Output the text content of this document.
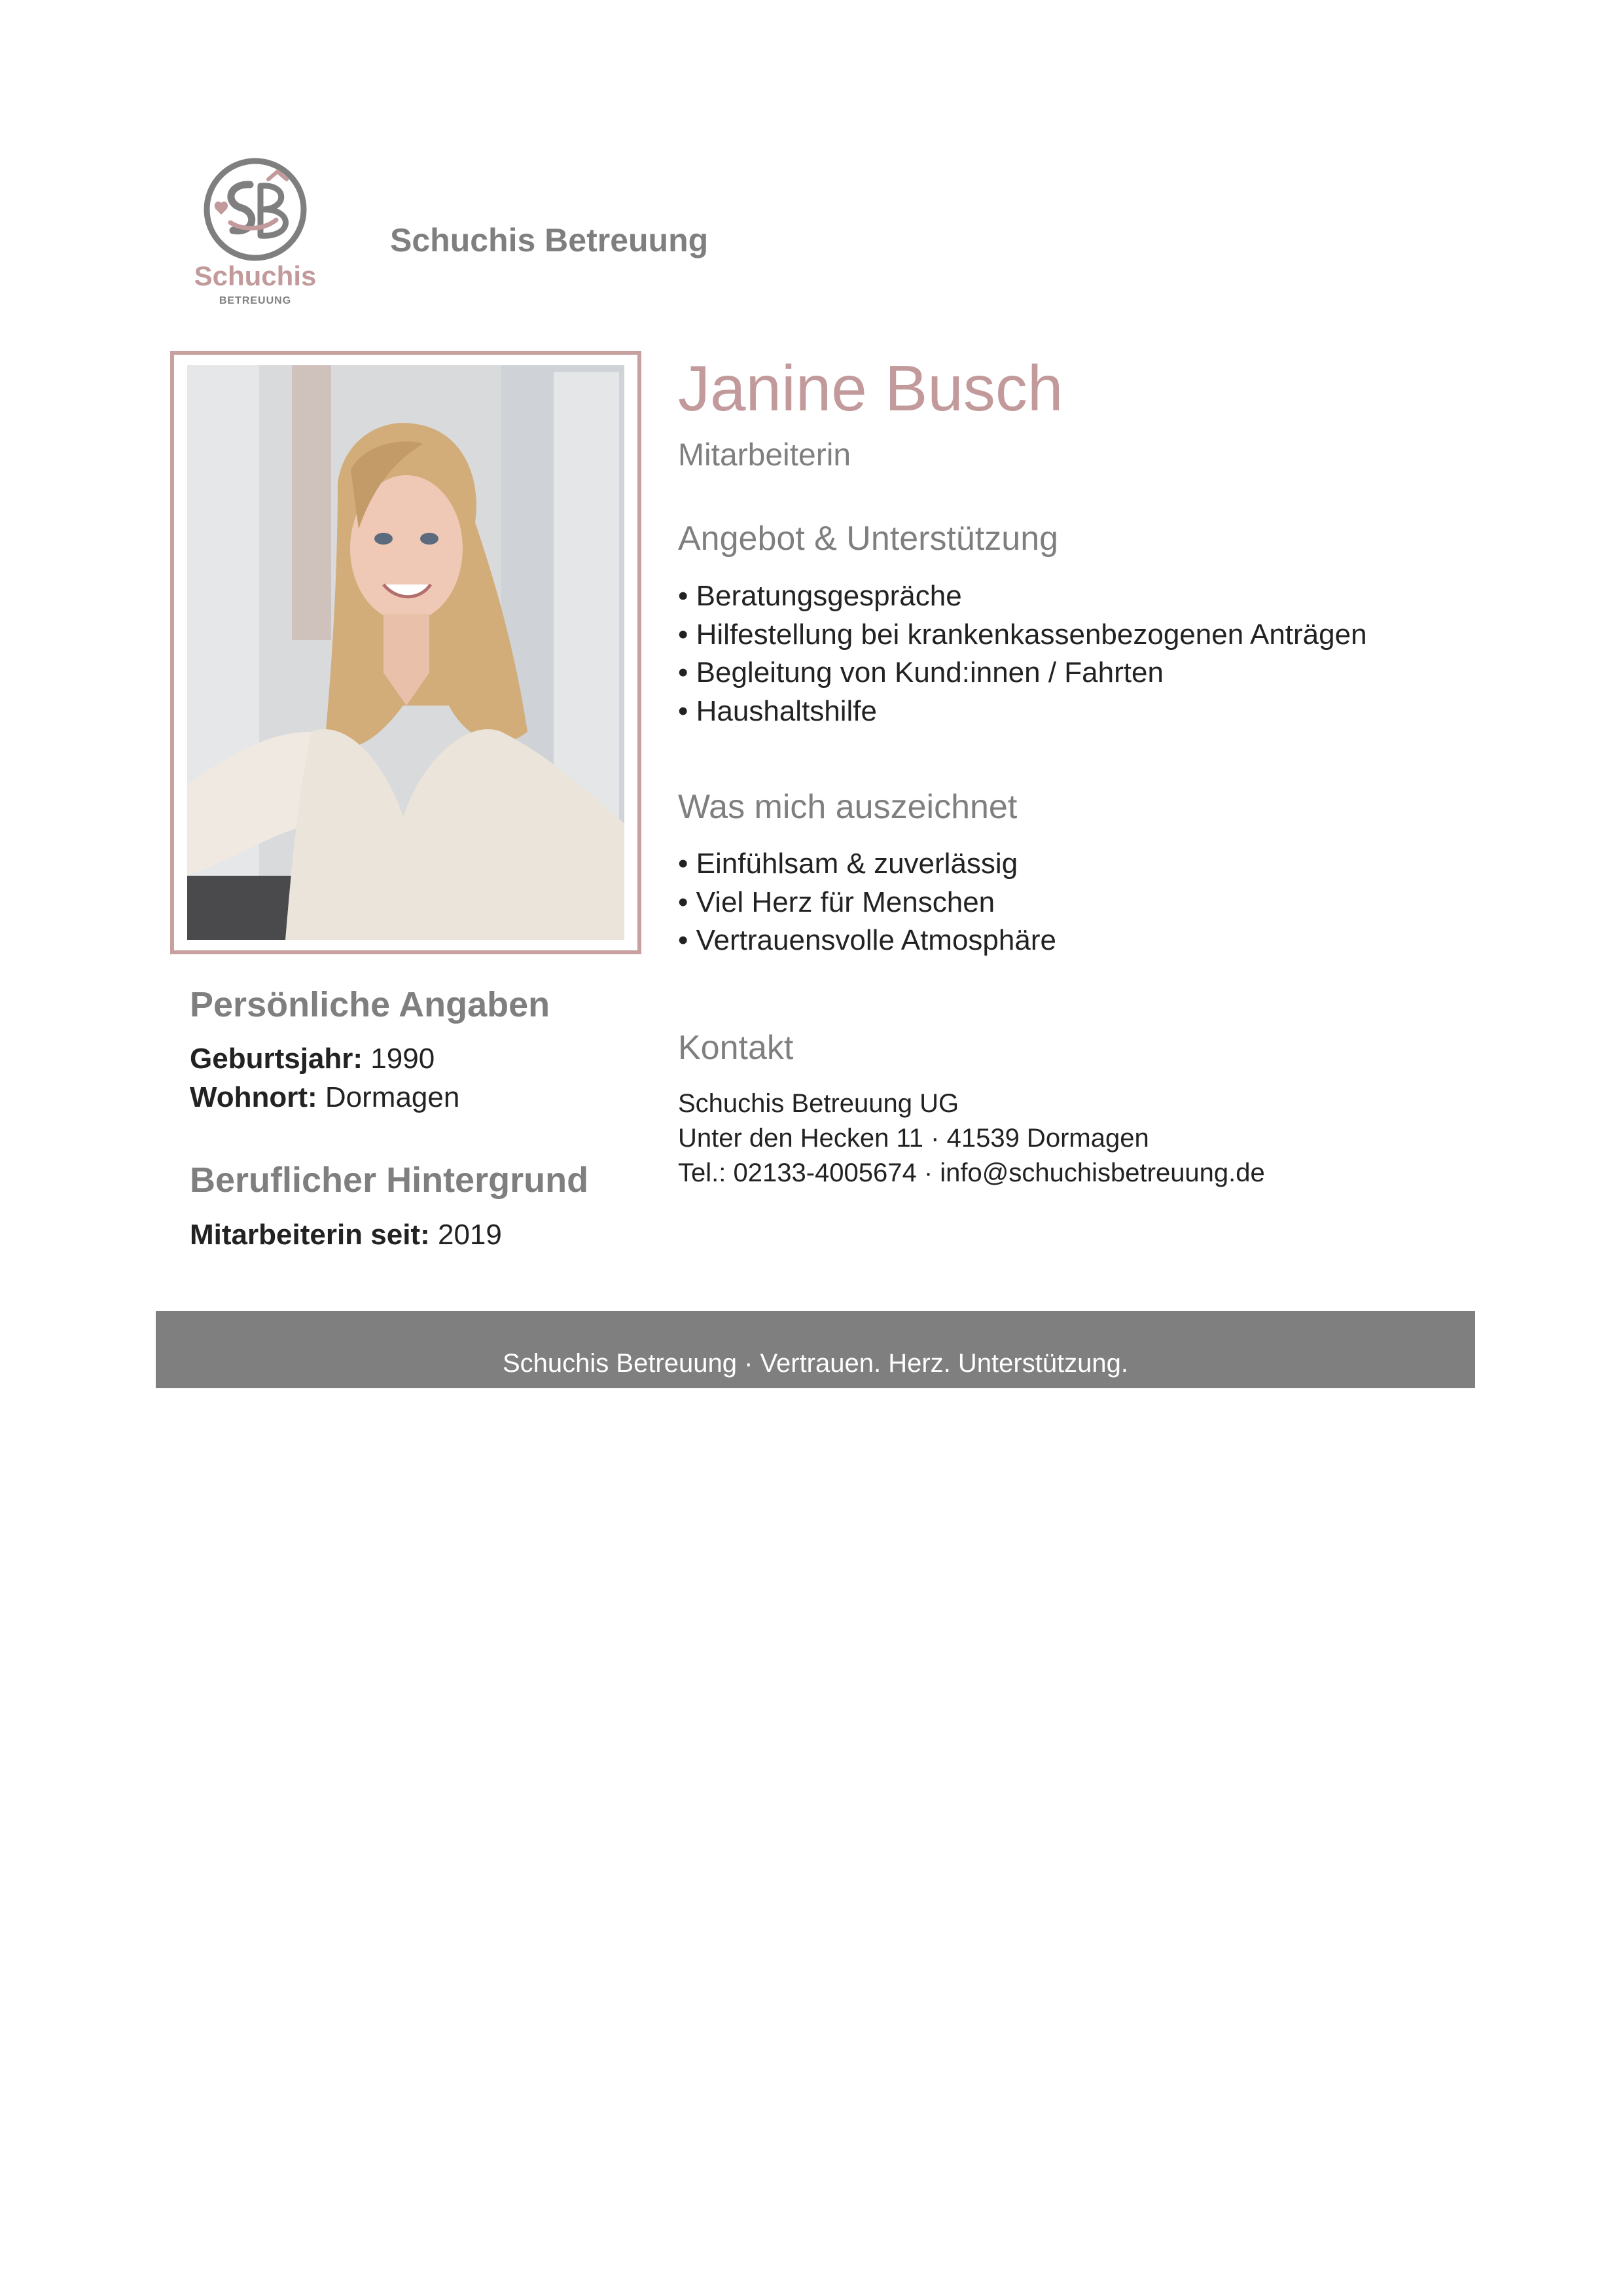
Schuchis
BETREUUNG
Schuchis Betreuung
Janine Busch
Mitarbeiterin
Angebot & Unterstützung
• Beratungsgespräche
• Hilfestellung bei krankenkassenbezogenen Anträgen
• Begleitung von Kund:innen / Fahrten
• Haushaltshilfe
Was mich auszeichnet
• Einfühlsam & zuverlässig
• Viel Herz für Menschen
• Vertrauensvolle Atmosphäre
Kontakt
Schuchis Betreuung UG
Unter den Hecken 11 · 41539 Dormagen
Tel.: 02133-4005674 · info@schuchisbetreuung.de
Persönliche Angaben
Geburtsjahr: 1990
Wohnort: Dormagen
Beruflicher Hintergrund
Mitarbeiterin seit: 2019
Schuchis Betreuung · Vertrauen. Herz. Unterstützung.
